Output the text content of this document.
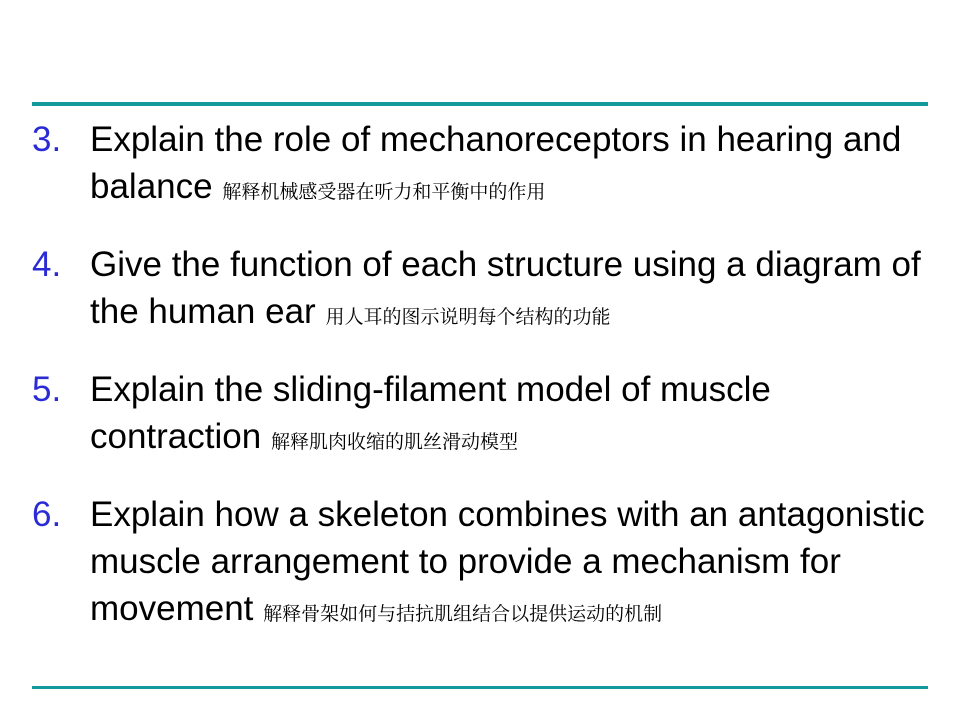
3. Explain the role of mechanoreceptors in hearing and balance 解释机械感受器在听力和平衡中的作用
4. Give the function of each structure using a diagram of the human ear 用人耳的图示说明每个结构的功能
5. Explain the sliding-filament model of muscle contraction 解释肌肉收缩的肌丝滑动模型
6. Explain how a skeleton combines with an antagonistic muscle arrangement to provide a mechanism for movement 解释骨架如何与拮抗肌组结合以提供运动的机制
